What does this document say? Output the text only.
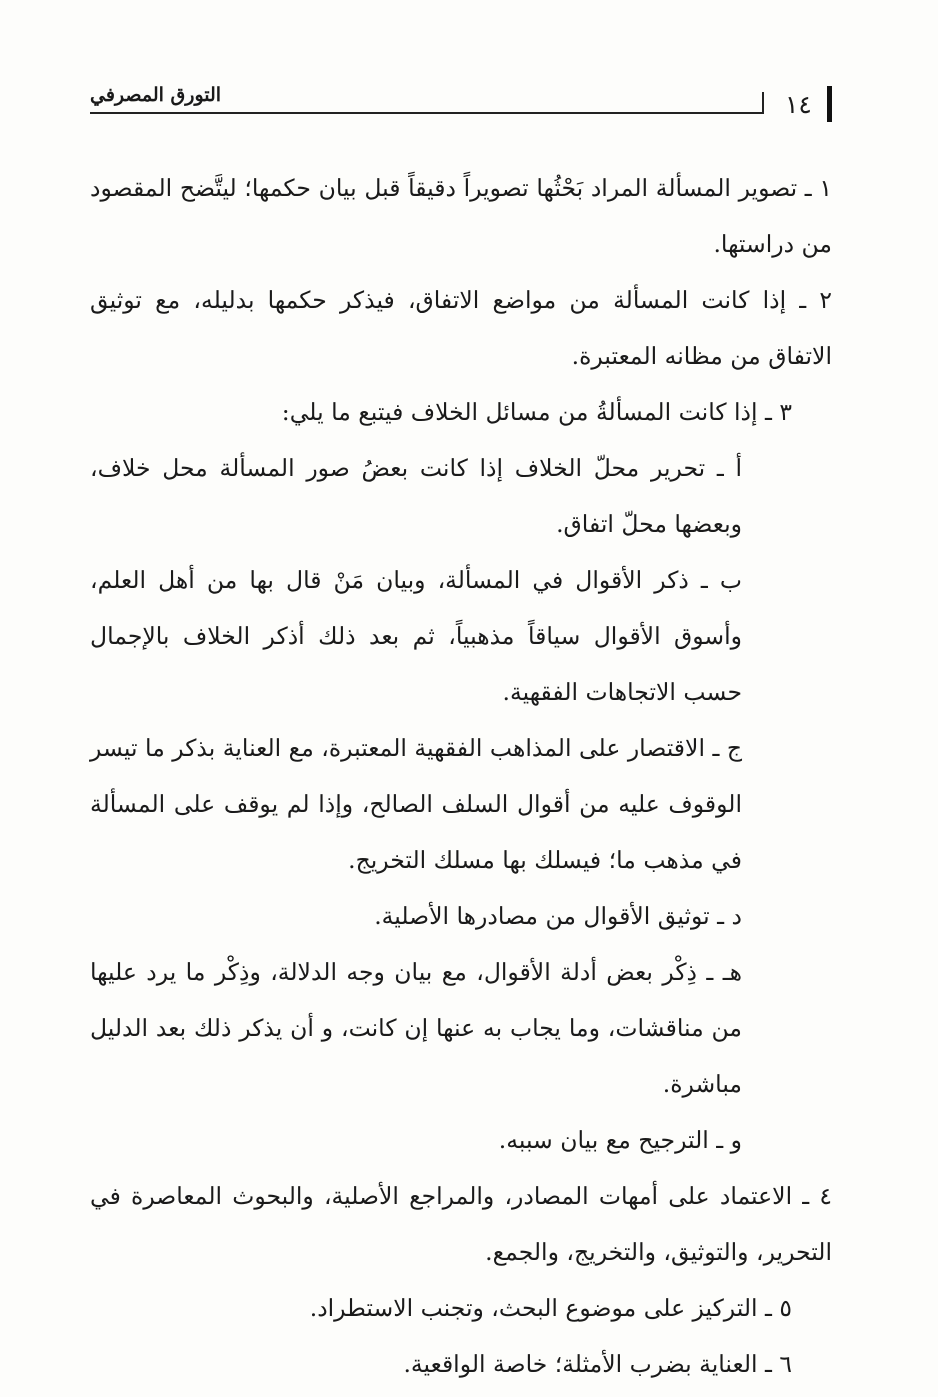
التورق المصرفي	١٤

١ ـ تصوير المسألة المراد بَحْثُها تصويراً دقيقاً قبل بيان حكمها؛ ليتَّضح المقصود من دراستها.

٢ ـ إذا كانت المسألة من مواضع الاتفاق، فيذكر حكمها بدليله، مع توثيق الاتفاق من مظانه المعتبرة.

٣ ـ إذا كانت المسألةُ من مسائل الخلاف فيتبع ما يلي:

أ ـ تحرير محلّ الخلاف إذا كانت بعضُ صور المسألة محل خلاف، وبعضها محلّ اتفاق.

ب ـ ذكر الأقوال في المسألة، وبيان مَنْ قال بها من أهل العلم، وأسوق الأقوال سياقاً مذهبياً، ثم بعد ذلك أذكر الخلاف بالإجمال حسب الاتجاهات الفقهية.

ج ـ الاقتصار على المذاهب الفقهية المعتبرة، مع العناية بذكر ما تيسر الوقوف عليه من أقوال السلف الصالح، وإذا لم يوقف على المسألة في مذهب ما؛ فيسلك بها مسلك التخريج.

د ـ توثيق الأقوال من مصادرها الأصلية.

هـ ـ ذِكْر بعض أدلة الأقوال، مع بيان وجه الدلالة، وذِكْر ما يرد عليها من مناقشات، وما يجاب به عنها إن كانت، و أن يذكر ذلك بعد الدليل مباشرة.

و ـ الترجيح مع بيان سببه.

٤ ـ الاعتماد على أمهات المصادر، والمراجع الأصلية، والبحوث المعاصرة في التحرير، والتوثيق، والتخريج، والجمع.

٥ ـ التركيز على موضوع البحث، وتجنب الاستطراد.

٦ ـ العناية بضرب الأمثلة؛ خاصة الواقعية.
